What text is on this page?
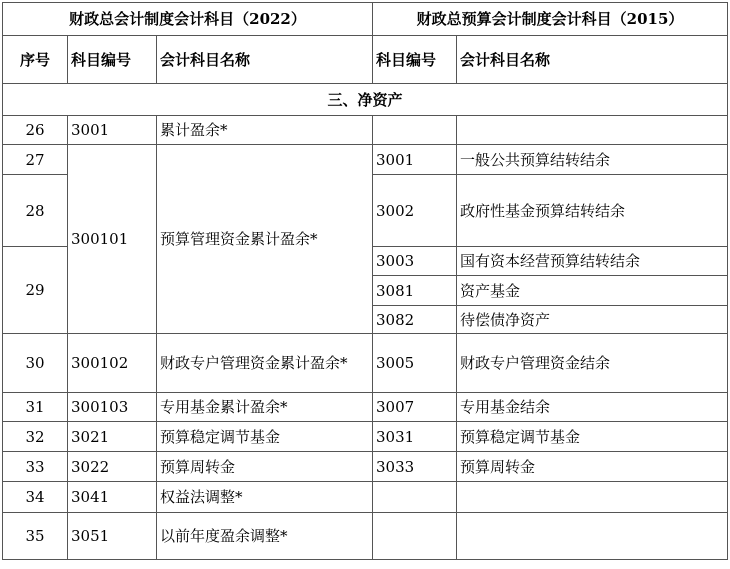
财政总会计制度会计科目（2022）			财政总预算会计制度会计科目（2015）	
序号	科目编号	会计科目名称	科目编号	会计科目名称
三、净资产				
26	3001	累计盈余*		
27	300101	预算管理资金累计盈余*	3001	一般公共预算结转结余
28			3002	政府性基金预算结转结余
29			3003	国有资本经营预算结转结余
			3081	资产基金
			3082	待偿债净资产
30	300102	财政专户管理资金累计盈余*	3005	财政专户管理资金结余
31	300103	专用基金累计盈余*	3007	专用基金结余
32	3021	预算稳定调节基金	3031	预算稳定调节基金
33	3022	预算周转金	3033	预算周转金
34	3041	权益法调整*		
35	3051	以前年度盈余调整*		
